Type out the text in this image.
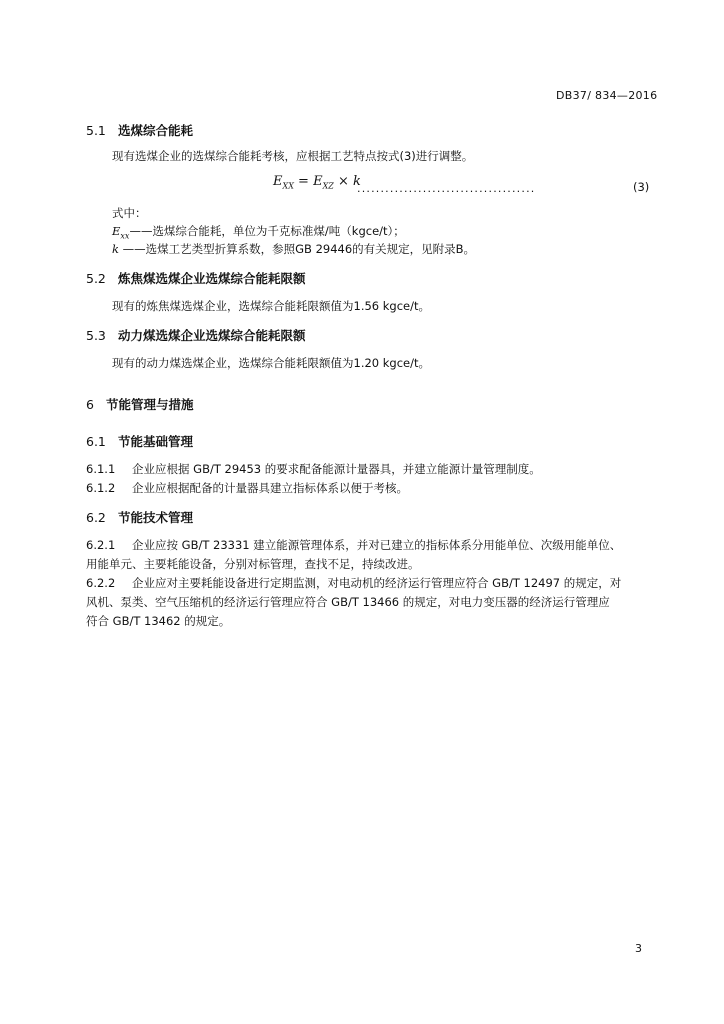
DB37/ 834—2016
5.1 选煤综合能耗
现有选煤企业的选煤综合能耗考核，应根据工艺特点按式(3)进行调整。
$E_{XX} = E_{XZ} \times k$
......................................	(3)
式中：
$E_{xx}——$选煤综合能耗，单位为千克标准煤/吨（kgce/t）；
k ——选煤工艺类型折算系数，参照GB 29446的有关规定，见附录B。
5.2 炼焦煤选煤企业选煤综合能耗限额
现有的炼焦煤选煤企业，选煤综合能耗限额值为1.56 kgce/t。
5.3 动力煤选煤企业选煤综合能耗限额
现有的动力煤选煤企业，选煤综合能耗限额值为1.20 kgce/t。
6 节能管理与措施
6.1 节能基础管理
6.1.1 企业应根据 GB/T 29453 的要求配备能源计量器具，并建立能源计量管理制度。
6.1.2 企业应根据配备的计量器具建立指标体系以便于考核。
6.2 节能技术管理
6.2.1 企业应按 GB/T 23331 建立能源管理体系，并对已建立的指标体系分用能单位、次级用能单位、
用能单元、主要耗能设备，分别对标管理，查找不足，持续改进。
6.2.2 企业应对主要耗能设备进行定期监测，对电动机的经济运行管理应符合 GB/T 12497 的规定，对
风机、泵类、空气压缩机的经济运行管理应符合 GB/T 13466 的规定，对电力变压器的经济运行管理应
符合 GB/T 13462 的规定。
3
